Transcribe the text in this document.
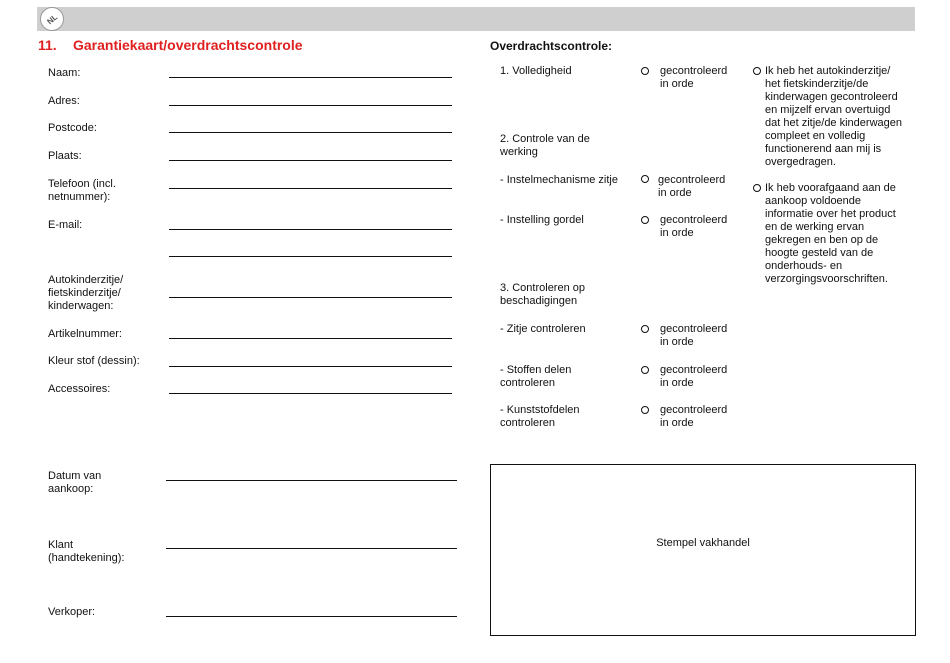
NL
11. Garantiekaart/overdrachtscontrole
Naam:
Adres:
Postcode:
Plaats:
Telefoon (incl.
netnummer):
E-mail:
Autokinderzitje/
fietskinderzitje/
kinderwagen:
Artikelnummer:
Kleur stof (dessin):
Accessoires:
Datum van
aankoop:
Klant
(handtekening):
Verkoper:
Overdrachtscontrole:
1. Volledigheid
2. Controle van de
werking
- Instelmechanisme zitje
- Instelling gordel
3. Controleren op
beschadigingen
- Zitje controleren
- Stoffen delen
controleren
- Kunststofdelen
controleren
gecontroleerd
in orde
gecontroleerd
in orde
gecontroleerd
in orde
gecontroleerd
in orde
gecontroleerd
in orde
gecontroleerd
in orde
Ik heb het autokinderzitje/
het fietskinderzitje/de
kinderwagen gecontroleerd
en mijzelf ervan overtuigd
dat het zitje/de kinderwagen
compleet en volledig
functionerend aan mij is
overgedragen.
Ik heb voorafgaand aan de
aankoop voldoende
informatie over het product
en de werking ervan
gekregen en ben op de
hoogte gesteld van de
onderhouds- en
verzorgingsvoorschriften.
Stempel vakhandel
